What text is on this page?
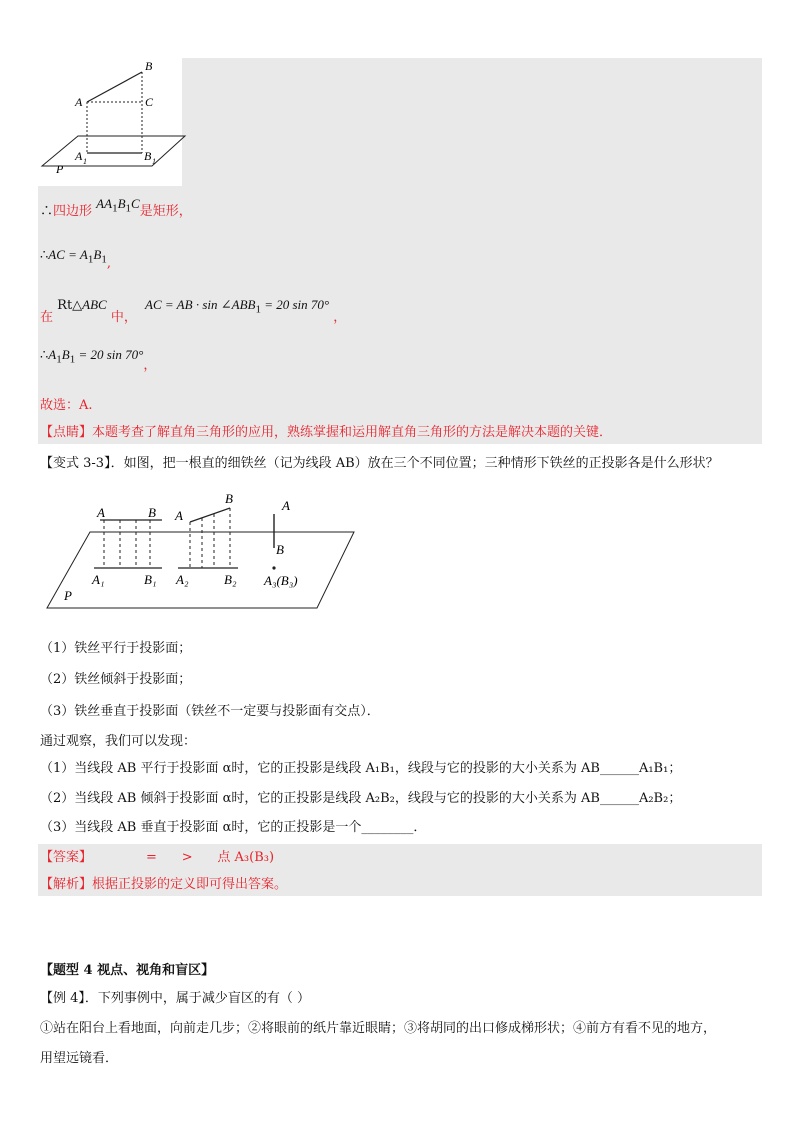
B
A	C
A 1	B 1
P
∴四边形 $AA_1B_1C$是矩形，
∴AC = $A_1B_1$,
在 Rt△ABC 中， AC = AB · $\sin \angle ABB_1 = 20$ sin 70° ，
$\therefore A_1B_1 = 20$ sin 70°，
故选：A.
【点睛】本题考查了解直角三角形的应用，熟练掌握和运用解直角三角形的方法是解决本题的关键．
【变式 3-3】．如图，把一根直的细铁丝（记为线段 AB）放在三个不同位置；三种情形下铁丝的正投影各是什么形状？
A	B
A₁	B₁
A
B
A₂	B₂
A
B
A₃(B₃)
P
（1）铁丝平行于投影面；
（2）铁丝倾斜于投影面；
（3）铁丝垂直于投影面（铁丝不一定要与投影面有交点）．
通过观察，我们可以发现：
（1）当线段 AB 平行于投影面 α时，它的正投影是线段 A₁B₁，线段与它的投影的大小关系为 AB______A₁B₁；
（2）当线段 AB 倾斜于投影面 α时，它的正投影是线段 A₂B₂，线段与它的投影的大小关系为 AB______A₂B₂；
（3）当线段 AB 垂直于投影面 α时，它的正投影是一个________．
【答案】	=      >      点 A₃(B₃)
【解析】根据正投影的定义即可得出答案。
【题型 4 视点、视角和盲区】
【例 4】．下列事例中，属于减少盲区的有（ ）
①站在阳台上看地面，向前走几步；②将眼前的纸片靠近眼睛；③将胡同的出口修成梯形状；④前方有看不见的地方，
用望远镜看．
